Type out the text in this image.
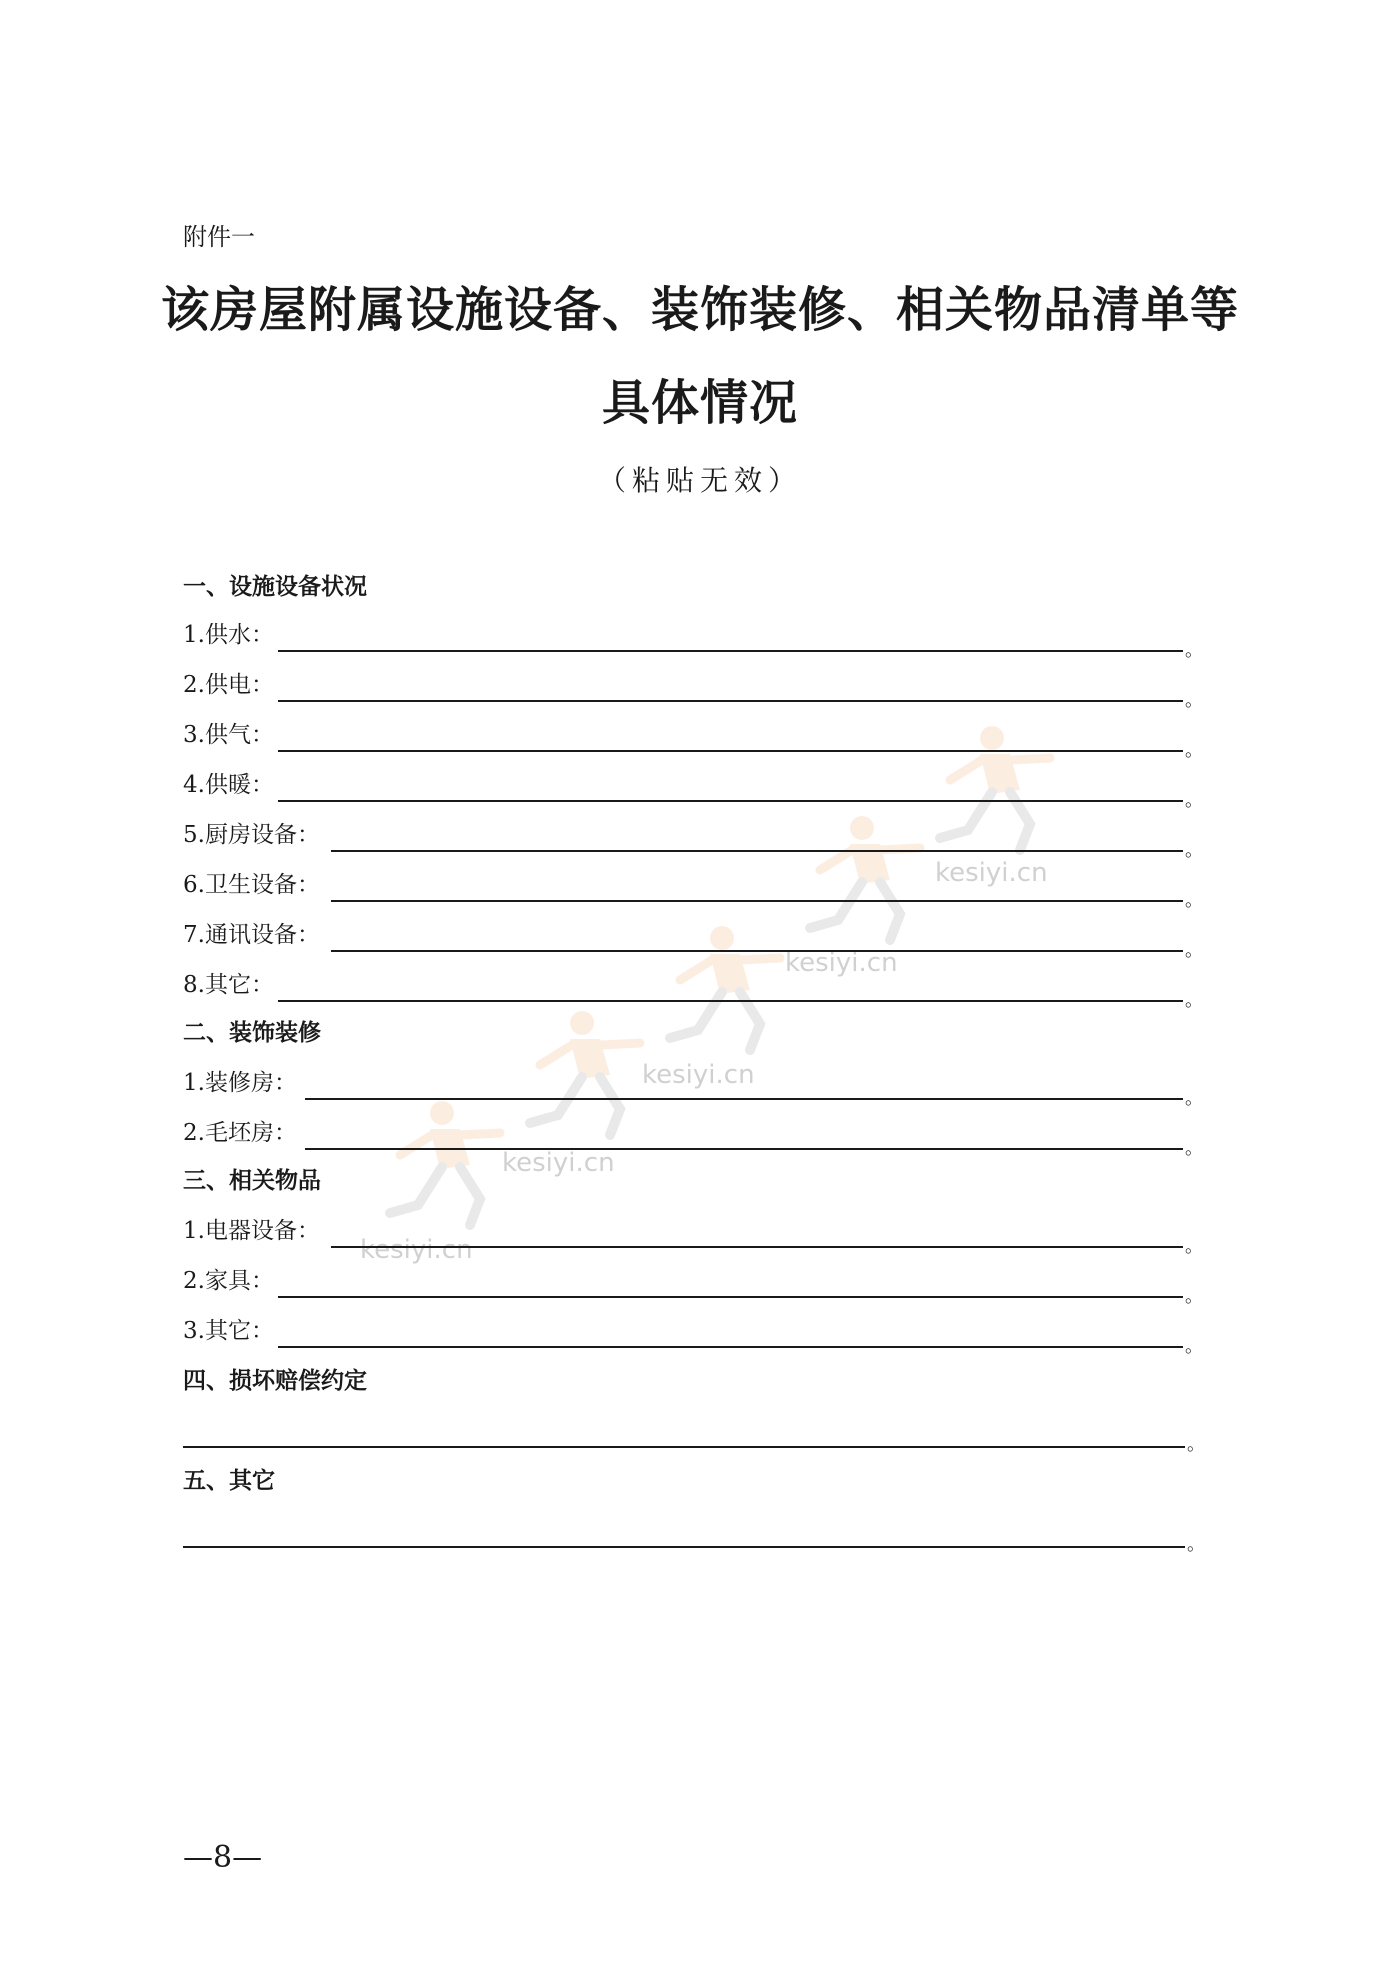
kesiyi.cn
kesiyi.cn
kesiyi.cn
kesiyi.cn
kesiyi.cn
附件一
该房屋附属设施设备、装饰装修、相关物品清单等
具体情况
（粘贴无效）
一、设施设备状况
1.供水：
。
2.供电：
。
3.供气：
。
4.供暖：
。
5.厨房设备：
。
6.卫生设备：
。
7.通讯设备：
。
8.其它：
。
二、装饰装修
1.装修房：
。
2.毛坯房：
。
三、相关物品
1.电器设备：
。
2.家具：
。
3.其它：
。
四、损坏赔偿约定
。
五、其它
。
—8—
